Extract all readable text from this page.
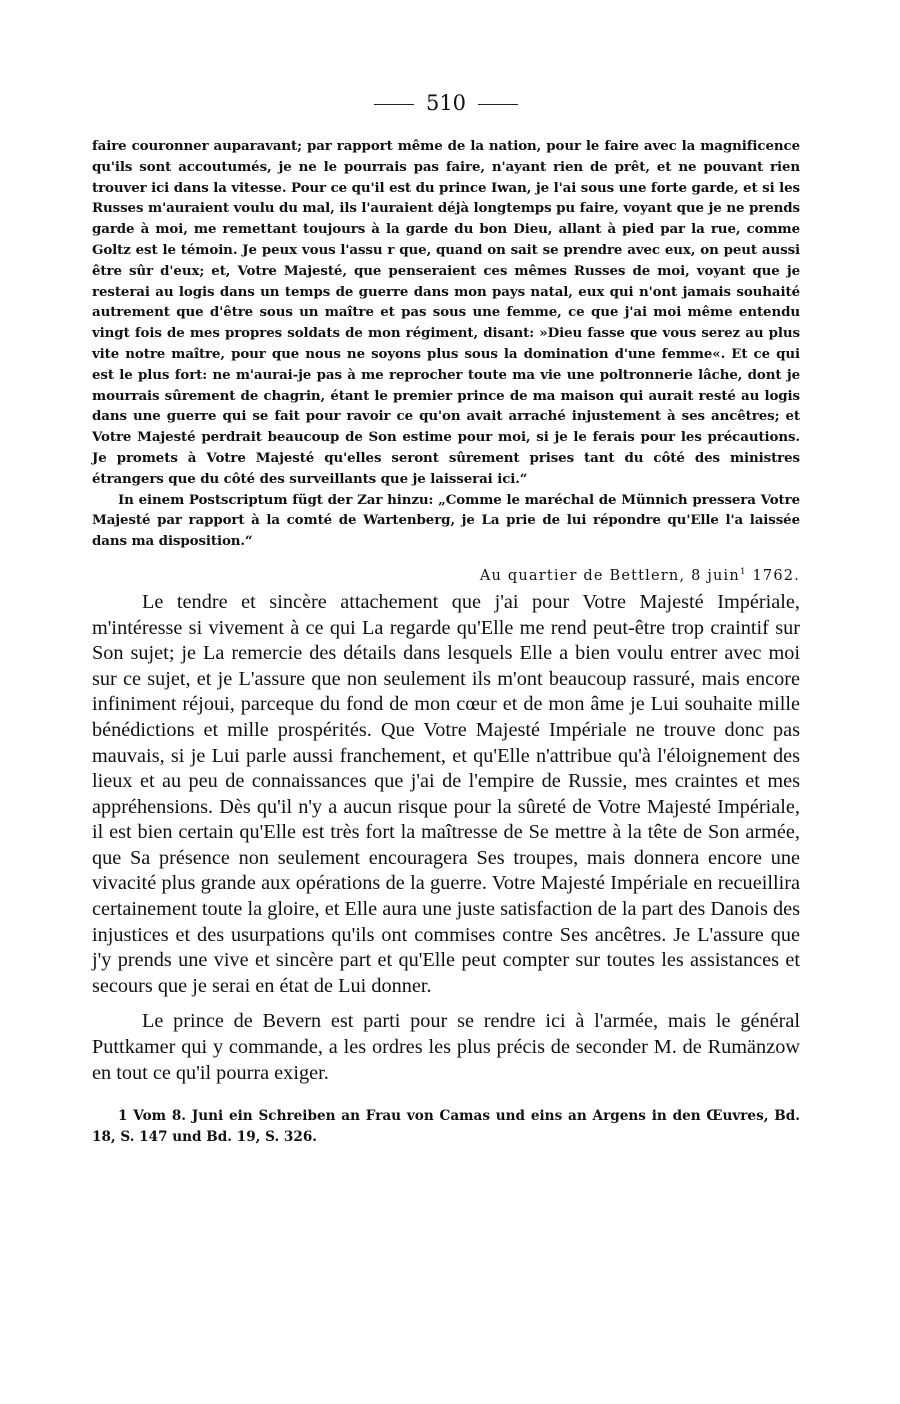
510

faire couronner auparavant; par rapport même de la nation, pour le faire avec la magnificence qu'ils sont accoutumés, je ne le pourrais pas faire, n'ayant rien de prêt, et ne pouvant rien trouver ici dans la vitesse. Pour ce qu'il est du prince Iwan, je l'ai sous une forte garde, et si les Russes m'auraient voulu du mal, ils l'auraient déjà longtemps pu faire, voyant que je ne prends garde à moi, me remettant toujours à la garde du bon Dieu, allant à pied par la rue, comme Goltz est le témoin. Je peux vous l'assu r que, quand on sait se prendre avec eux, on peut aussi être sûr d'eux; et, Votre Majesté, que penseraient ces mêmes Russes de moi, voyant que je resterai au logis dans un temps de guerre dans mon pays natal, eux qui n'ont jamais souhaité autrement que d'être sous un maître et pas sous une femme, ce que j'ai moi même entendu vingt fois de mes propres soldats de mon régiment, disant: »Dieu fasse que vous serez au plus vite notre maître, pour que nous ne soyons plus sous la domination d'une femme«. Et ce qui est le plus fort: ne m'aurai-je pas à me reprocher toute ma vie une poltronnerie lâche, dont je mourrais sûrement de chagrin, étant le premier prince de ma maison qui aurait resté au logis dans une guerre qui se fait pour ravoir ce qu'on avait arraché injustement à ses ancêtres; et Votre Majesté perdrait beaucoup de Son estime pour moi, si je le ferais pour les précautions. Je promets à Votre Majesté qu'elles seront sûrement prises tant du côté des ministres étrangers que du côté des surveillants que je laisserai ici.“

In einem Postscriptum fügt der Zar hinzu: „Comme le maréchal de Münnich pressera Votre Majesté par rapport à la comté de Wartenberg, je La prie de lui répondre qu'Elle l'a laissée dans ma disposition.“

Au quartier de Bettlern, 8 juin$^1$ 1762.

Le tendre et sincère attachement que j'ai pour Votre Majesté Impériale, m'intéresse si vivement à ce qui La regarde qu'Elle me rend peut-être trop craintif sur Son sujet; je La remercie des détails dans lesquels Elle a bien voulu entrer avec moi sur ce sujet, et je L'assure que non seulement ils m'ont beaucoup rassuré, mais encore infiniment réjoui, parceque du fond de mon cœur et de mon âme je Lui souhaite mille bénédictions et mille prospérités. Que Votre Majesté Impériale ne trouve donc pas mauvais, si je Lui parle aussi franchement, et qu'Elle n'attribue qu'à l'éloignement des lieux et au peu de connaissances que j'ai de l'empire de Russie, mes craintes et mes appréhensions. Dès qu'il n'y a aucun risque pour la sûreté de Votre Majesté Impériale, il est bien certain qu'Elle est très fort la maîtresse de Se mettre à la tête de Son armée, que Sa présence non seulement encouragera Ses troupes, mais donnera encore une vivacité plus grande aux opérations de la guerre. Votre Majesté Impériale en recueillira certainement toute la gloire, et Elle aura une juste satisfaction de la part des Danois des injustices et des usurpations qu'ils ont commises contre Ses ancêtres. Je L'assure que j'y prends une vive et sincère part et qu'Elle peut compter sur toutes les assistances et secours que je serai en état de Lui donner.

Le prince de Bevern est parti pour se rendre ici à l'armée, mais le général Puttkamer qui y commande, a les ordres les plus précis de seconder M. de Rumänzow en tout ce qu'il pourra exiger.

1 Vom 8. Juni ein Schreiben an Frau von Camas und eins an Argens in den Œuvres, Bd. 18, S. 147 und Bd. 19, S. 326.
